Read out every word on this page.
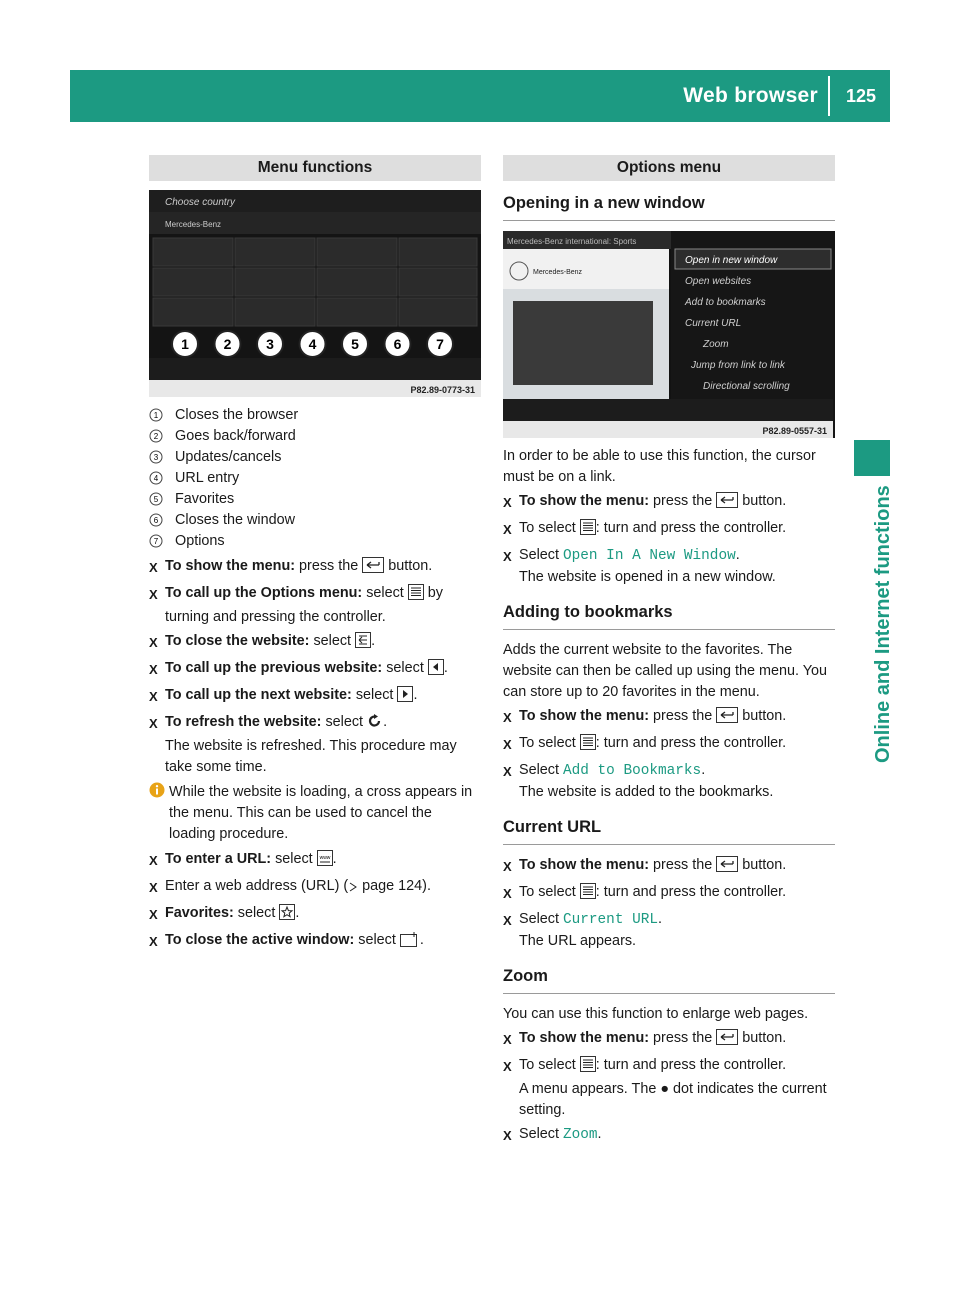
Web browser 125
Online and Internet functions
Menu functions
Choose country
Mercedes-Benz
1 2 3 4 5 6 7
P82.89-0773-31
1 Closes the browser
2 Goes back/forward
3 Updates/cancels
4 URL entry
5 Favorites
6 Closes the window
7 Options
X To show the menu: press the  button.
X To call up the Options menu: select  by turning and pressing the controller.
X To close the website: select .
X To call up the previous website: select .
X To call up the next website: select .
X To refresh the website: select .
The website is refreshed. This procedure may take some time.
While the website is loading, a cross appears in the menu. This can be used to cancel the loading procedure.
X To enter a URL: select www .
X Enter a web address (URL) ( page 124).
X Favorites: select .
X To close the active window: select .
Options menu
Opening in a new window
Mercedes-Benz international: Sports
Mercedes-Benz
Open in new window
Open websites
Add to bookmarks
Current URL
Zoom
Jump from link to link
Directional scrolling
P82.89-0557-31

In order to be able to use this function, the cursor must be on a link.

X To show the menu: press the  button.
X To select : turn and press the controller.
X Select Open In A New Window.
The website is opened in a new window.
Adding to bookmarks

Adds the current website to the favorites. The website can then be called up using the menu. You can store up to 20 favorites in the menu.

X To show the menu: press the  button.
X To select : turn and press the controller.
X Select Add to Bookmarks.
The website is added to the bookmarks.
Current URL
X To show the menu: press the  button.
X To select : turn and press the controller.
X Select Current URL.
The URL appears.
Zoom

You can use this function to enlarge web pages.

X To show the menu: press the  button.
X To select : turn and press the controller.
A menu appears. The ● dot indicates the current setting.
X Select Zoom.
